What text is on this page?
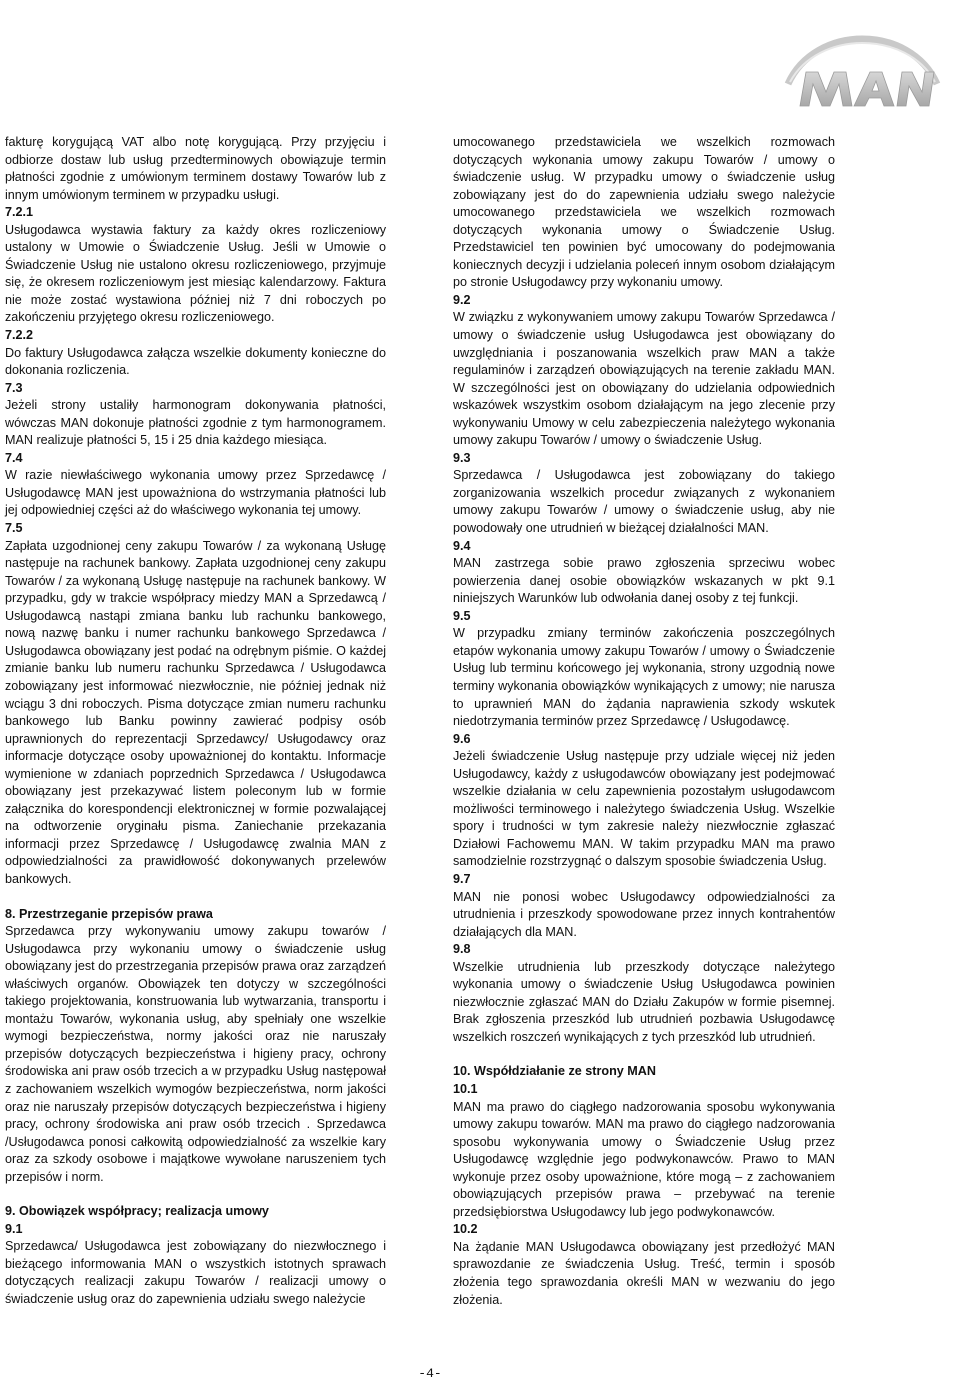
fakturę korygującą VAT albo notę korygującą. Przy przyjęciu i odbiorze dostaw lub usług przedterminowych obowiązuje termin płatności zgodnie z umówionym terminem dostawy Towarów lub z innym umówionym terminem w przypadku usługi.

7.2.1

Usługodawca wystawia faktury za każdy okres rozliczeniowy ustalony w Umowie o Świadczenie Usług. Jeśli w Umowie o Świadczenie Usług nie ustalono okresu rozliczeniowego, przyjmuje się, że okresem rozliczeniowym jest miesiąc kalendarzowy. Faktura nie może zostać wystawiona później niż 7 dni roboczych po zakończeniu przyjętego okresu rozliczeniowego.

7.2.2

Do faktury Usługodawca załącza wszelkie dokumenty konieczne do dokonania rozliczenia.

7.3

Jeżeli strony ustaliły harmonogram dokonywania płatności, wówczas MAN dokonuje płatności zgodnie z tym harmonogramem. MAN realizuje płatności 5, 15 i 25 dnia każdego miesiąca.

7.4

W razie niewłaściwego wykonania umowy przez Sprzedawcę / Usługodawcę MAN jest upoważniona do wstrzymania płatności lub jej odpowiedniej części aż do właściwego wykonania tej umowy.

7.5

Zapłata uzgodnionej ceny zakupu Towarów / za wykonaną Usługę następuje na rachunek bankowy. Zapłata uzgodnionej ceny zakupu Towarów / za wykonaną Usługę następuje na rachunek bankowy. W przypadku, gdy w trakcie współpracy miedzy MAN a Sprzedawcą / Usługodawcą nastąpi zmiana banku lub rachunku bankowego, nową nazwę banku i numer rachunku bankowego Sprzedawca / Usługodawca obowiązany jest podać na odrębnym piśmie. O każdej zmianie banku lub numeru rachunku Sprzedawca / Usługodawca zobowiązany jest informować niezwłocznie, nie później jednak niż wciągu 3 dni roboczych. Pisma dotyczące zmian numeru rachunku bankowego lub Banku powinny zawierać podpisy osób uprawnionych do reprezentacji Sprzedawcy/ Usługodawcy oraz informacje dotyczące osoby upoważnionej do kontaktu. Informacje wymienione w zdaniach poprzednich Sprzedawca / Usługodawca obowiązany jest przekazywać listem poleconym lub w formie załącznika do korespondencji elektronicznej w formie pozwalającej na odtworzenie oryginału pisma. Zaniechanie przekazania informacji przez Sprzedawcę / Usługodawcę zwalnia MAN z odpowiedzialności za prawidłowość dokonywanych przelewów bankowych.

8. Przestrzeganie przepisów prawa

Sprzedawca przy wykonywaniu umowy zakupu towarów / Usługodawca przy wykonaniu umowy o świadczenie usług obowiązany jest do przestrzegania przepisów prawa oraz zarządzeń właściwych organów. Obowiązek ten dotyczy w szczególności takiego projektowania, konstruowania lub wytwarzania, transportu i montażu Towarów, wykonania usług, aby spełniały one wszelkie wymogi bezpieczeństwa, normy jakości oraz nie naruszały przepisów dotyczących bezpieczeństwa i higieny pracy, ochrony środowiska ani praw osób trzecich a w przypadku Usług następował z zachowaniem wszelkich wymogów bezpieczeństwa, norm jakości oraz nie naruszały przepisów dotyczących bezpieczeństwa i higieny pracy, ochrony środowiska ani praw osób trzecich . Sprzedawca /Usługodawca ponosi całkowitą odpowiedzialność za wszelkie kary oraz za szkody osobowe i majątkowe wywołane naruszeniem tych przepisów i norm.

9. Obowiązek współpracy; realizacja umowy

9.1

Sprzedawca/ Usługodawca jest zobowiązany do niezwłocznego i bieżącego informowania MAN o wszystkich istotnych sprawach dotyczących realizacji zakupu Towarów / realizacji umowy o świadczenie usług oraz do zapewnienia udziału swego należycie

umocowanego przedstawiciela we wszelkich rozmowach dotyczących wykonania umowy zakupu Towarów / umowy o świadczenie usług. W przypadku umowy o świadczenie usług zobowiązany jest do do zapewnienia udziału swego należycie umocowanego przedstawiciela we wszelkich rozmowach dotyczących wykonania umowy o Świadczenie Usług. Przedstawiciel ten powinien być umocowany do podejmowania koniecznych decyzji i udzielania poleceń innym osobom działającym po stronie Usługodawcy przy wykonaniu umowy.

9.2

W związku z wykonywaniem umowy zakupu Towarów Sprzedawca / umowy o świadczenie usług Usługodawca jest obowiązany do uwzględniania i poszanowania wszelkich praw MAN a także regulaminów i zarządzeń obowiązujących na terenie zakładu MAN. W szczególności jest on obowiązany do udzielania odpowiednich wskazówek wszystkim osobom działającym na jego zlecenie przy wykonywaniu Umowy w celu zabezpieczenia należytego wykonania umowy zakupu Towarów / umowy o świadczenie Usług.

9.3

Sprzedawca / Usługodawca jest zobowiązany do takiego zorganizowania wszelkich procedur związanych z wykonaniem umowy zakupu Towarów / umowy o świadczenie usług, aby nie powodowały one utrudnień w bieżącej działalności MAN.

9.4

MAN zastrzega sobie prawo zgłoszenia sprzeciwu wobec powierzenia danej osobie obowiązków wskazanych w pkt 9.1 niniejszych Warunków lub odwołania danej osoby z tej funkcji.

9.5

W przypadku zmiany terminów zakończenia poszczególnych etapów wykonania umowy zakupu Towarów / umowy o Świadczenie Usług lub terminu końcowego jej wykonania, strony uzgodnią nowe terminy wykonania obowiązków wynikających z umowy; nie narusza to uprawnień MAN do żądania naprawienia szkody wskutek niedotrzymania terminów przez Sprzedawcę / Usługodawcę.

9.6

Jeżeli świadczenie Usług następuje przy udziale więcej niż jeden Usługodawcy, każdy z usługodawców obowiązany jest podejmować wszelkie działania w celu zapewnienia pozostałym usługodawcom możliwości terminowego i należytego świadczenia Usług. Wszelkie spory i trudności w tym zakresie należy niezwłocznie zgłaszać Działowi Fachowemu MAN. W takim przypadku MAN ma prawo samodzielnie rozstrzygnąć o dalszym sposobie świadczenia Usług.

9.7

MAN nie ponosi wobec Usługodawcy odpowiedzialności za utrudnienia i przeszkody spowodowane przez innych kontrahentów działających dla MAN.

9.8

Wszelkie utrudnienia lub przeszkody dotyczące należytego wykonania umowy o świadczenie Usług Usługodawca powinien niezwłocznie zgłaszać MAN do Działu Zakupów w formie pisemnej. Brak zgłoszenia przeszkód lub utrudnień pozbawia Usługodawcę wszelkich roszczeń wynikających z tych przeszkód lub utrudnień.

10. Współdziałanie ze strony MAN

10.1

MAN ma prawo do ciągłego nadzorowania sposobu wykonywania umowy zakupu towarów. MAN ma prawo do ciągłego nadzorowania sposobu wykonywania umowy o Świadczenie Usług przez Usługodawcę względnie jego podwykonawców. Prawo to MAN wykonuje przez osoby upoważnione, które mogą – z zachowaniem obowiązujących przepisów prawa – przebywać na terenie przedsiębiorstwa Usługodawcy lub jego podwykonawców.

10.2

Na żądanie MAN Usługodawca obowiązany jest przedłożyć MAN sprawozdanie ze świadczenia Usług. Treść, termin i sposób złożenia tego sprawozdania określi MAN w wezwaniu do jego złożenia.

-4-
